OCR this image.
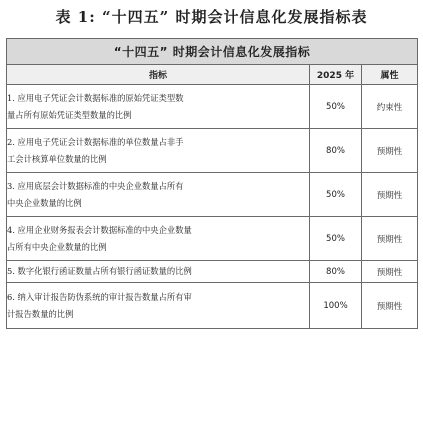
表 1: “十四五” 时期会计信息化发展指标表
“十四五” 时期会计信息化发展指标		
指标	2025 年	属性
1. 应用电子凭证会计数据标准的原始凭证类型数
量占所有原始凭证类型数量的比例	50%	约束性
2. 应用电子凭证会计数据标准的单位数量占非手
工会计核算单位数量的比例	80%	预期性
3. 应用底层会计数据标准的中央企业数量占所有
中央企业数量的比例	50%	预期性
4. 应用企业财务报表会计数据标准的中央企业数量
占所有中央企业数量的比例	50%	预期性
5. 数字化银行函证数量占所有银行函证数量的比例	80%	预期性
6. 纳入审计报告防伪系统的审计报告数量占所有审
计报告数量的比例	100%	预期性
